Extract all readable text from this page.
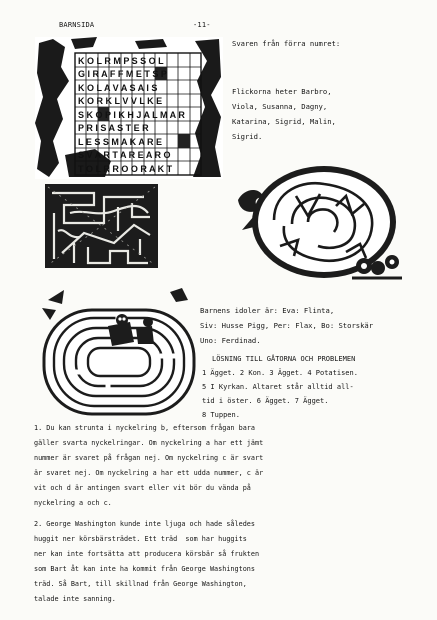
BARNSIDA	-11-

K O L R M P S S O L
G I R A F F M E T S P
K O L A V A S A I S
K O R K L V V L K E
S K O P I K H J A L M A R
P R I S A S T E R
L E S S M A K A R E
S V A R T A R E A R O
T O L R R O O R A K T

Svaren från förra numret:

Flickorna heter Barbro,

Viola, Susanna, Dagny,

Katarina, Sigrid, Malin,

Sigrid.

Barnens idoler är: Eva: Flinta,

Siv: Husse Pigg, Per: Flax, Bo: Storskär

Uno: Ferdinad.

LÖSNING TILL GÅTORNA OCH PROBLEMEN

1 Ägget. 2 Kon. 3 Ägget. 4 Potatisen.

5 I Kyrkan. Altaret står alltid all-

tid i öster. 6 Ägget. 7 Ägget.

8 Tuppen.

1. Du kan strunta i nyckelring b, eftersom frågan bara

gäller svarta nyckelringar. Om nyckelring a har ett jämt

nummer är svaret på frågan nej. Om nyckelring c är svart

är svaret nej. Om nyckelring a har ett udda nummer, c är

vit och d är antingen svart eller vit bör du vända på

nyckelring a och c.

2. George Washington kunde inte ljuga och hade således

huggit ner körsbärsträdet. Ett träd  som har huggits

ner kan inte fortsätta att producera körsbär så frukten

som Bart åt kan inte ha kommit från George Washingtons

träd. Så Bart, till skillnad från George Washington,

talade inte sanning.
